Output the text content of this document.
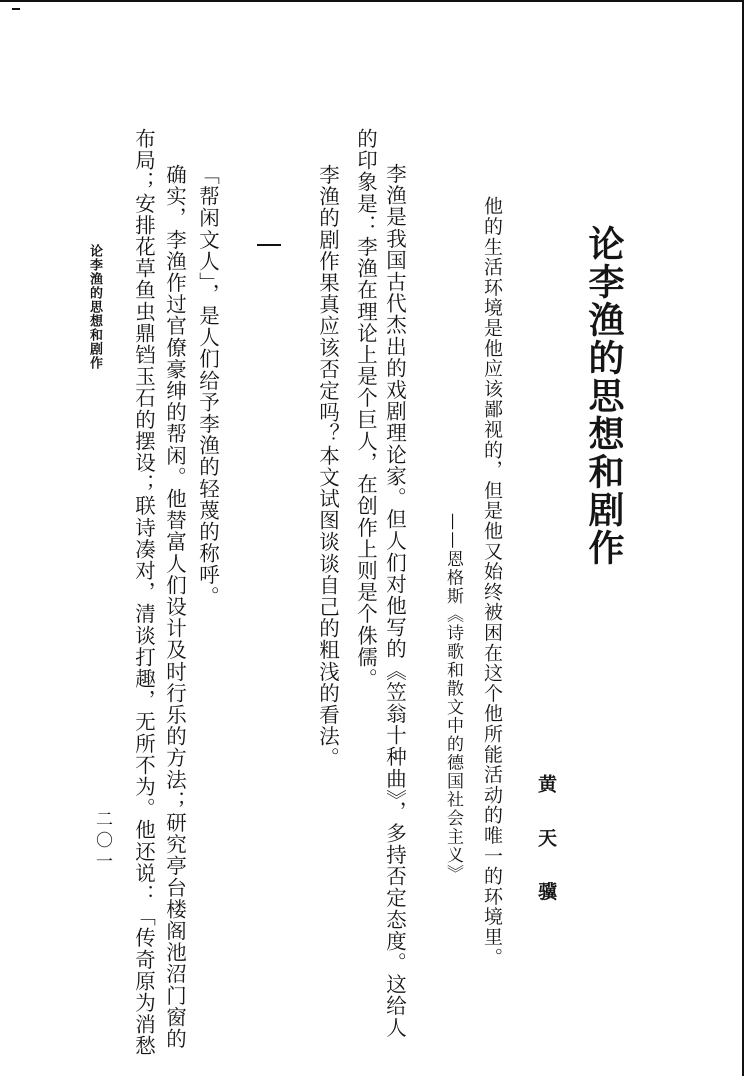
论李渔的思想和剧作
黄 天 骥
他的生活环境是他应该鄙视的，但是他又始终被困在这个他所能活动的唯一的环境里。
——恩格斯《诗歌和散文中的德国社会主义》
李渔是我国古代杰出的戏剧理论家。但人们对他写的《笠翁十种曲》，多持否定态度。这给人
的印象是：李渔在理论上是个巨人，在创作上则是个侏儒。
李渔的剧作果真应该否定吗？本文试图谈谈自己的粗浅的看法。
「帮闲文人」，是人们给予李渔的轻蔑的称呼。
确实，李渔作过官僚豪绅的帮闲。他替富人们设计及时行乐的方法；研究亭台楼阁池沼门窗的
布局；安排花草鱼虫鼎铛玉石的摆设；联诗凑对，清谈打趣，无所不为。他还说：「传奇原为消愁
论李渔的思想和剧作
二〇一
